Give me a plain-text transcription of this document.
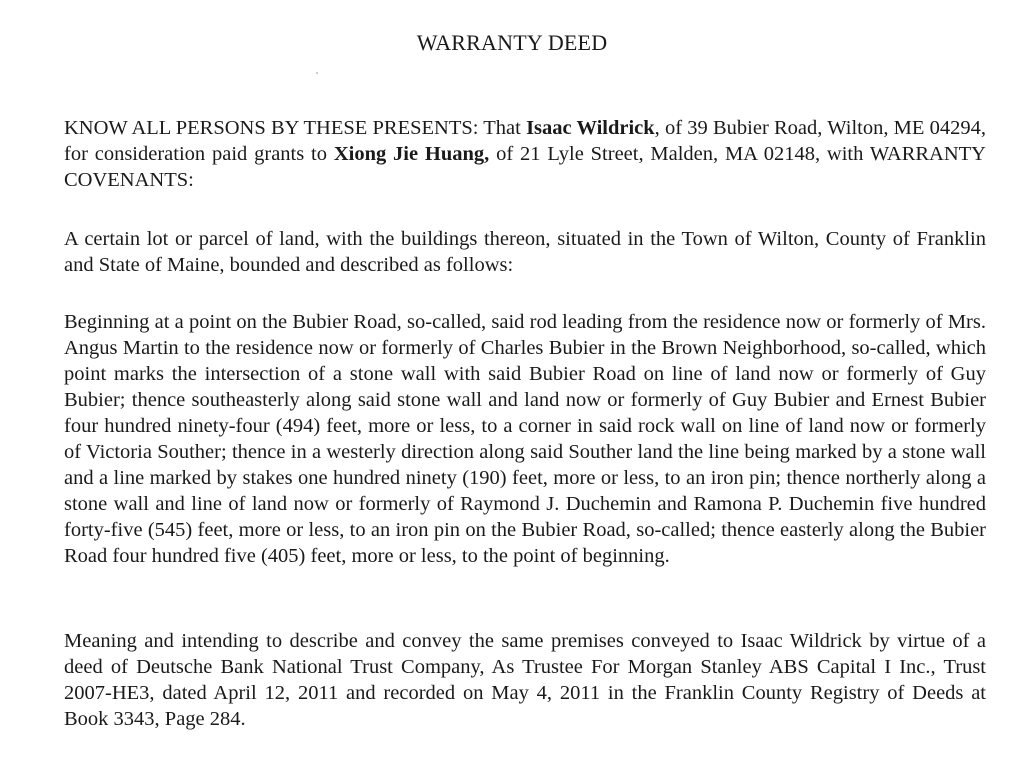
WARRANTY DEED
KNOW ALL PERSONS BY THESE PRESENTS: That Isaac Wildrick, of 39 Bubier Road, Wilton, ME 04294, for consideration paid grants to Xiong Jie Huang, of 21 Lyle Street, Malden, MA 02148, with WARRANTY COVENANTS:
A certain lot or parcel of land, with the buildings thereon, situated in the Town of Wilton, County of Franklin and State of Maine, bounded and described as follows:
Beginning at a point on the Bubier Road, so-called, said rod leading from the residence now or formerly of Mrs. Angus Martin to the residence now or formerly of Charles Bubier in the Brown Neighborhood, so-called, which point marks the intersection of a stone wall with said Bubier Road on line of land now or formerly of Guy Bubier; thence southeasterly along said stone wall and land now or formerly of Guy Bubier and Ernest Bubier four hundred ninety-four (494) feet, more or less, to a corner in said rock wall on line of land now or formerly of Victoria Souther; thence in a westerly direction along said Souther land the line being marked by a stone wall and a line marked by stakes one hundred ninety (190) feet, more or less, to an iron pin; thence northerly along a stone wall and line of land now or formerly of Raymond J. Duchemin and Ramona P. Duchemin five hundred forty-five (545) feet, more or less, to an iron pin on the Bubier Road, so-called; thence easterly along the Bubier Road four hundred five (405) feet, more or less, to the point of beginning.
Meaning and intending to describe and convey the same premises conveyed to Isaac Wildrick by virtue of a deed of Deutsche Bank National Trust Company, As Trustee For Morgan Stanley ABS Capital I Inc., Trust 2007-HE3, dated April 12, 2011 and recorded on May 4, 2011 in the Franklin County Registry of Deeds at Book 3343, Page 284.
